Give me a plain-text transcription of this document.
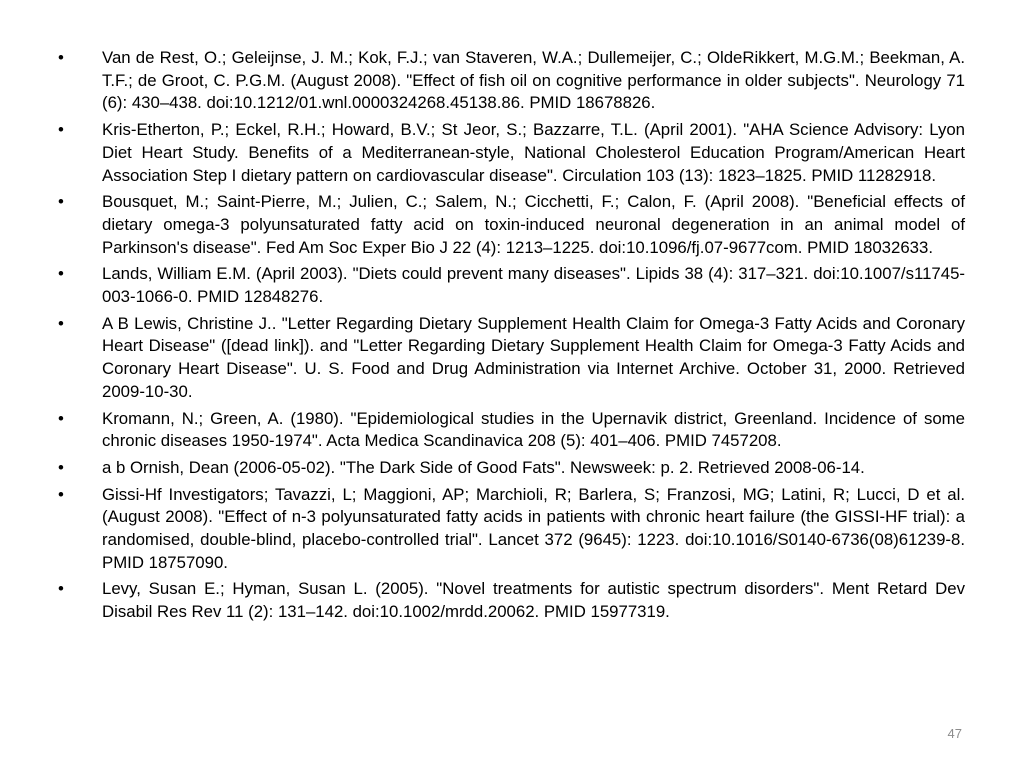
• Van de Rest, O.; Geleijnse, J. M.; Kok, F.J.; van Staveren, W.A.; Dullemeijer, C.; OldeRikkert, M.G.M.; Beekman, A. T.F.; de Groot, C. P.G.M. (August 2008). "Effect of fish oil on cognitive performance in older subjects". Neurology 71 (6): 430–438. doi:10.1212/01.wnl.0000324268.45138.86. PMID 18678826.
• Kris-Etherton, P.; Eckel, R.H.; Howard, B.V.; St Jeor, S.; Bazzarre, T.L. (April 2001). "AHA Science Advisory: Lyon Diet Heart Study. Benefits of a Mediterranean-style, National Cholesterol Education Program/American Heart Association Step I dietary pattern on cardiovascular disease". Circulation 103 (13): 1823–1825. PMID 11282918.
• Bousquet, M.; Saint-Pierre, M.; Julien, C.; Salem, N.; Cicchetti, F.; Calon, F. (April 2008). "Beneficial effects of dietary omega-3 polyunsaturated fatty acid on toxin-induced neuronal degeneration in an animal model of Parkinson's disease". Fed Am Soc Exper Bio J 22 (4): 1213–1225. doi:10.1096/fj.07-9677com. PMID 18032633.
• Lands, William E.M. (April 2003). "Diets could prevent many diseases". Lipids 38 (4): 317–321. doi:10.1007/s11745-003-1066-0. PMID 12848276.
• A B Lewis, Christine J.. "Letter Regarding Dietary Supplement Health Claim for Omega-3 Fatty Acids and Coronary Heart Disease" ([dead link]). and "Letter Regarding Dietary Supplement Health Claim for Omega-3 Fatty Acids and Coronary Heart Disease". U. S. Food and Drug Administration via Internet Archive. October 31, 2000. Retrieved 2009-10-30.
• Kromann, N.; Green, A. (1980). "Epidemiological studies in the Upernavik district, Greenland. Incidence of some chronic diseases 1950-1974". Acta Medica Scandinavica 208 (5): 401–406. PMID 7457208.
• a b Ornish, Dean (2006-05-02). "The Dark Side of Good Fats". Newsweek: p. 2. Retrieved 2008-06-14.
• Gissi-Hf Investigators; Tavazzi, L; Maggioni, AP; Marchioli, R; Barlera, S; Franzosi, MG; Latini, R; Lucci, D et al. (August 2008). "Effect of n-3 polyunsaturated fatty acids in patients with chronic heart failure (the GISSI-HF trial): a randomised, double-blind, placebo-controlled trial". Lancet 372 (9645): 1223. doi:10.1016/S0140-6736(08)61239-8. PMID 18757090.
• Levy, Susan E.; Hyman, Susan L. (2005). "Novel treatments for autistic spectrum disorders". Ment Retard Dev Disabil Res Rev 11 (2): 131–142. doi:10.1002/mrdd.20062. PMID 15977319.
47
